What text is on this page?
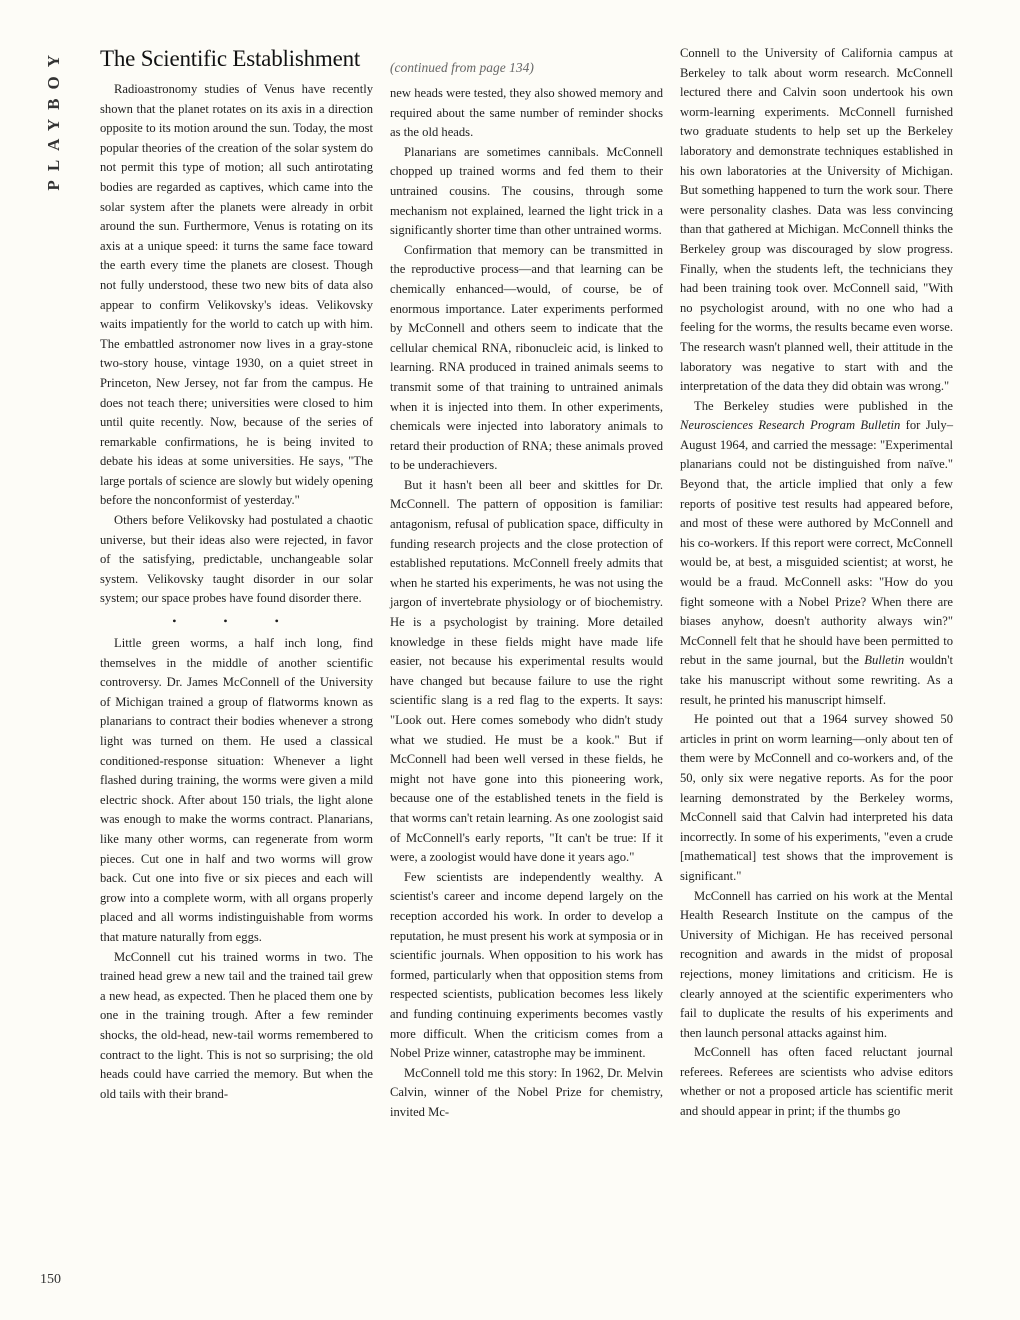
PLAYBOY
150
The Scientific Establishment

Radioastronomy studies of Venus have recently shown that the planet rotates on its axis in a direction opposite to its motion around the sun. Today, the most popular theories of the creation of the solar system do not permit this type of motion; all such antirotating bodies are regarded as captives, which came into the solar system after the planets were already in orbit around the sun. Furthermore, Venus is rotating on its axis at a unique speed: it turns the same face toward the earth every time the planets are closest. Though not fully understood, these two new bits of data also appear to confirm Velikovsky's ideas. Velikovsky waits impatiently for the world to catch up with him. The embattled astronomer now lives in a gray-stone two-story house, vintage 1930, on a quiet street in Princeton, New Jersey, not far from the campus. He does not teach there; universities were closed to him until quite recently. Now, because of the series of remarkable confirmations, he is being invited to debate his ideas at some universities. He says, "The large portals of science are slowly but widely opening before the nonconformist of yesterday."

Others before Velikovsky had postulated a chaotic universe, but their ideas also were rejected, in favor of the satisfying, predictable, unchangeable solar system. Velikovsky taught disorder in our solar system; our space probes have found disorder there.

• • •

Little green worms, a half inch long, find themselves in the middle of another scientific controversy. Dr. James McConnell of the University of Michigan trained a group of flatworms known as planarians to contract their bodies whenever a strong light was turned on them. He used a classical conditioned-response situation: Whenever a light flashed during training, the worms were given a mild electric shock. After about 150 trials, the light alone was enough to make the worms contract. Planarians, like many other worms, can regenerate from worm pieces. Cut one in half and two worms will grow back. Cut one into five or six pieces and each will grow into a complete worm, with all organs properly placed and all worms indistinguishable from worms that mature naturally from eggs.

McConnell cut his trained worms in two. The trained head grew a new tail and the trained tail grew a new head, as expected. Then he placed them one by one in the training trough. After a few reminder shocks, the old-head, new-tail worms remembered to contract to the light. This is not so surprising; the old heads could have carried the memory. But when the old tails with their brand-

(continued from page 134)

new heads were tested, they also showed memory and required about the same number of reminder shocks as the old heads.

Planarians are sometimes cannibals. McConnell chopped up trained worms and fed them to their untrained cousins. The cousins, through some mechanism not explained, learned the light trick in a significantly shorter time than other untrained worms.

Confirmation that memory can be transmitted in the reproductive process—and that learning can be chemically enhanced—would, of course, be of enormous importance. Later experiments performed by McConnell and others seem to indicate that the cellular chemical RNA, ribonucleic acid, is linked to learning. RNA produced in trained animals seems to transmit some of that training to untrained animals when it is injected into them. In other experiments, chemicals were injected into laboratory animals to retard their production of RNA; these animals proved to be underachievers.

But it hasn't been all beer and skittles for Dr. McConnell. The pattern of opposition is familiar: antagonism, refusal of publication space, difficulty in funding research projects and the close protection of established reputations. McConnell freely admits that when he started his experiments, he was not using the jargon of invertebrate physiology or of biochemistry. He is a psychologist by training. More detailed knowledge in these fields might have made life easier, not because his experimental results would have changed but because failure to use the right scientific slang is a red flag to the experts. It says: "Look out. Here comes somebody who didn't study what we studied. He must be a kook." But if McConnell had been well versed in these fields, he might not have gone into this pioneering work, because one of the established tenets in the field is that worms can't retain learning. As one zoologist said of McConnell's early reports, "It can't be true: If it were, a zoologist would have done it years ago."

Few scientists are independently wealthy. A scientist's career and income depend largely on the reception accorded his work. In order to develop a reputation, he must present his work at symposia or in scientific journals. When opposition to his work has formed, particularly when that opposition stems from respected scientists, publication becomes less likely and funding continuing experiments becomes vastly more difficult. When the criticism comes from a Nobel Prize winner, catastrophe may be imminent.

McConnell told me this story: In 1962, Dr. Melvin Calvin, winner of the Nobel Prize for chemistry, invited Mc-

Connell to the University of California campus at Berkeley to talk about worm research. McConnell lectured there and Calvin soon undertook his own worm-learning experiments. McConnell furnished two graduate students to help set up the Berkeley laboratory and demonstrate techniques established in his own laboratories at the University of Michigan. But something happened to turn the work sour. There were personality clashes. Data was less convincing than that gathered at Michigan. McConnell thinks the Berkeley group was discouraged by slow progress. Finally, when the students left, the technicians they had been training took over. McConnell said, "With no psychologist around, with no one who had a feeling for the worms, the results became even worse. The research wasn't planned well, their attitude in the laboratory was negative to start with and the interpretation of the data they did obtain was wrong."

The Berkeley studies were published in the Neurosciences Research Program Bulletin for July–August 1964, and carried the message: "Experimental planarians could not be distinguished from naïve." Beyond that, the article implied that only a few reports of positive test results had appeared before, and most of these were authored by McConnell and his co-workers. If this report were correct, McConnell would be, at best, a misguided scientist; at worst, he would be a fraud. McConnell asks: "How do you fight someone with a Nobel Prize? When there are biases anyhow, doesn't authority always win?" McConnell felt that he should have been permitted to rebut in the same journal, but the Bulletin wouldn't take his manuscript without some rewriting. As a result, he printed his manuscript himself.

He pointed out that a 1964 survey showed 50 articles in print on worm learning—only about ten of them were by McConnell and co-workers and, of the 50, only six were negative reports. As for the poor learning demonstrated by the Berkeley worms, McConnell said that Calvin had interpreted his data incorrectly. In some of his experiments, "even a crude [mathematical] test shows that the improvement is significant."

McConnell has carried on his work at the Mental Health Research Institute on the campus of the University of Michigan. He has received personal recognition and awards in the midst of proposal rejections, money limitations and criticism. He is clearly annoyed at the scientific experimenters who fail to duplicate the results of his experiments and then launch personal attacks against him.

McConnell has often faced reluctant journal referees. Referees are scientists who advise editors whether or not a proposed article has scientific merit and should appear in print; if the thumbs go
